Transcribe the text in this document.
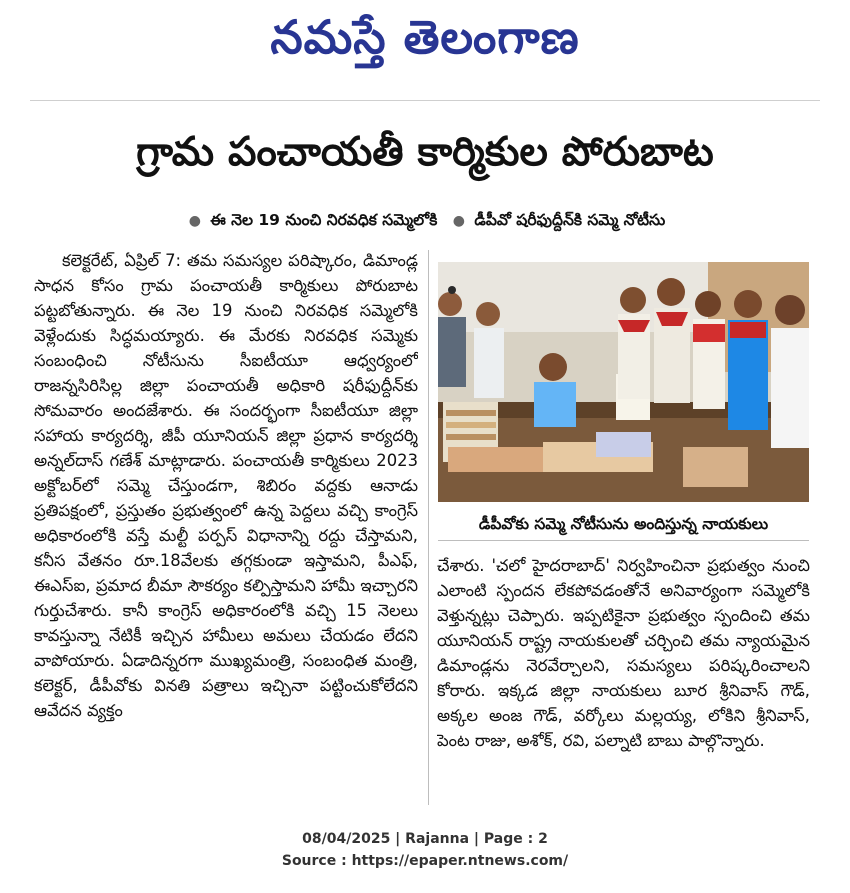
నమస్తే తెలంగాణ
గ్రామ పంచాయతీ కార్మికుల పోరుబాట
● ఈ నెల 19 నుంచి నిరవధిక సమ్మెలోకి ● డీపీవో షరీఫుద్దీన్‌కి సమ్మె నోటీసు
కలెక్టరేట్, ఏప్రిల్ 7: తమ సమస్యల పరిష్కారం, డిమాండ్ల సాధన కోసం గ్రామ పంచాయతీ కార్మికులు పోరుబాట పట్టబోతున్నారు. ఈ నెల 19 నుంచి నిరవధిక సమ్మెలోకి వెళ్లేందుకు సిద్ధమయ్యారు. ఈ మేరకు నిరవధిక సమ్మెకు సంబంధించి నోటీసును సీఐటీయూ ఆధ్వర్యంలో రాజన్నసిరిసిల్ల జిల్లా పంచాయతీ అధికారి షరీఫుద్దీన్‌కు సోమవారం అందజేశారు. ఈ సందర్భంగా సీఐటీయూ జిల్లా సహాయ కార్యదర్శి, జీపీ యూనియన్ జిల్లా ప్రధాన కార్యదర్శి అన్నల్‌దాస్ గణేశ్ మాట్లాడారు. పంచాయతీ కార్మికులు 2023 అక్టోబర్‌లో సమ్మె చేస్తుండగా, శిబిరం వద్దకు ఆనాడు ప్రతిపక్షంలో, ప్రస్తుతం ప్రభుత్వంలో ఉన్న పెద్దలు వచ్చి కాంగ్రెస్ అధికారంలోకి వస్తే మల్టీ పర్పస్ విధానాన్ని రద్దు చేస్తామని, కనీస వేతనం రూ.18వేలకు తగ్గకుండా ఇస్తామని, పీఎఫ్, ఈఎస్ఐ, ప్రమాద బీమా సౌకర్యం కల్పిస్తామని హామీ ఇచ్చారని గుర్తుచేశారు. కానీ కాంగ్రెస్ అధికారంలోకి వచ్చి 15 నెలలు కావస్తున్నా నేటికీ ఇచ్చిన హామీలు అమలు చేయడం లేదని వాపోయారు. ఏడాదిన్నరగా ముఖ్యమంత్రి, సంబంధిత మంత్రి, కలెక్టర్, డీపీవోకు వినతి పత్రాలు ఇచ్చినా పట్టించుకోలేదని ఆవేదన వ్యక్తం
డీపీవోకు సమ్మె నోటీసును అందిస్తున్న నాయకులు
చేశారు. 'చలో హైదరాబాద్' నిర్వహించినా ప్రభుత్వం నుంచి ఎలాంటి స్పందన లేకపోవడంతోనే అనివార్యంగా సమ్మెలోకి వెళ్తున్నట్లు చెప్పారు. ఇప్పటికైనా ప్రభుత్వం స్పందించి తమ యూనియన్ రాష్ట్ర నాయకులతో చర్చించి తమ న్యాయమైన డిమాండ్లను నెరవేర్చాలని, సమస్యలు పరిష్కరించాలని కోరారు. ఇక్కడ జిల్లా నాయకులు బూర శ్రీనివాస్ గౌడ్, అక్కల అంజ గౌడ్, వర్కోలు మల్లయ్య, లోకిని శ్రీనివాస్, పెంట రాజు, అశోక్, రవి, పల్నాటి బాబు పాల్గొన్నారు.
08/04/2025 | Rajanna | Page : 2
Source : https://epaper.ntnews.com/
